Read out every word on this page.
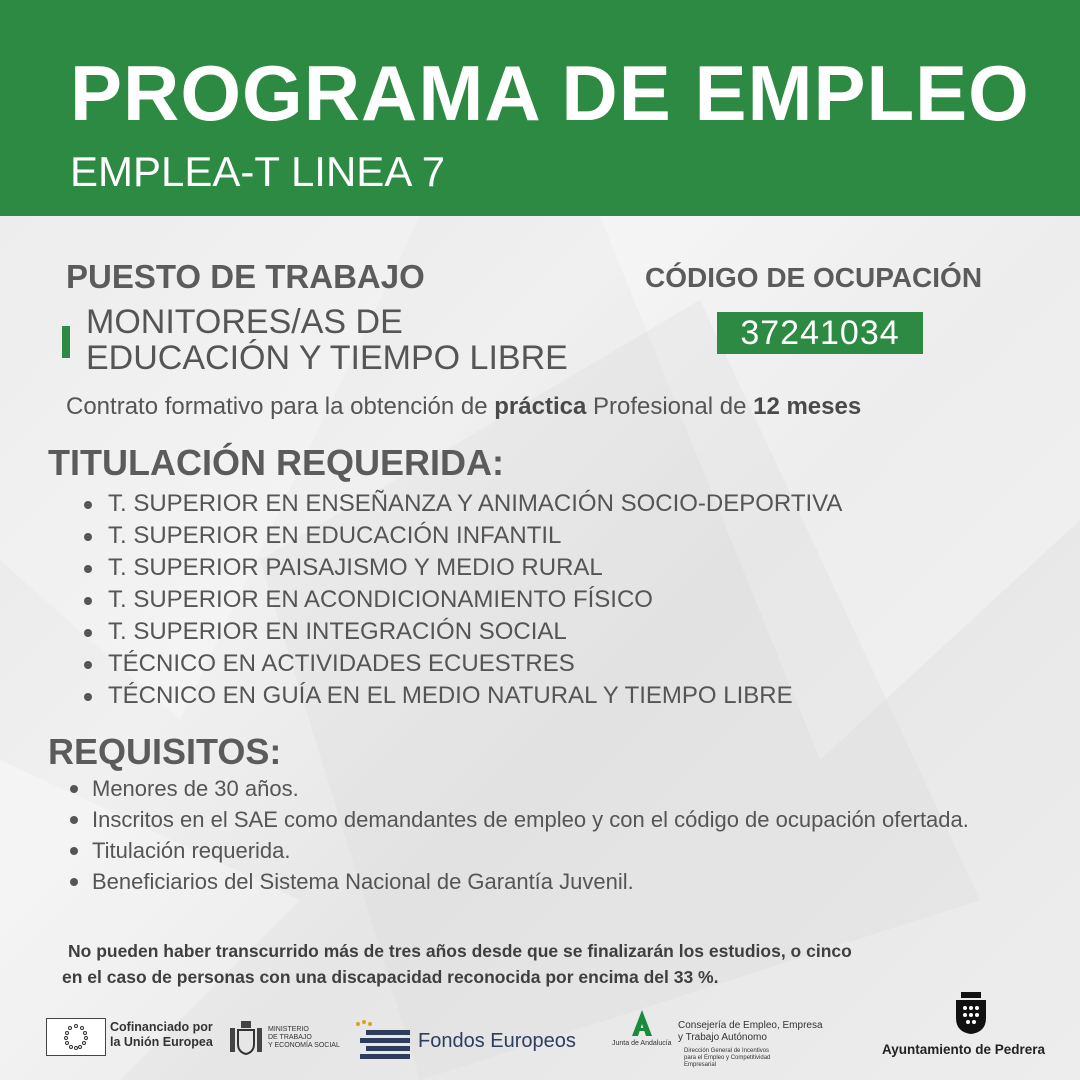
PROGRAMA DE EMPLEO
EMPLEA-T LINEA 7
PUESTO DE TRABAJO
MONITORES/AS DE
EDUCACIÓN Y TIEMPO LIBRE
CÓDIGO DE OCUPACIÓN
37241034
Contrato formativo para la obtención de práctica Profesional de 12 meses
TITULACIÓN REQUERIDA:
T. SUPERIOR EN ENSEÑANZA Y ANIMACIÓN SOCIO-DEPORTIVA
T. SUPERIOR EN EDUCACIÓN INFANTIL
T. SUPERIOR PAISAJISMO Y MEDIO RURAL
T. SUPERIOR EN ACONDICIONAMIENTO FÍSICO
T. SUPERIOR EN INTEGRACIÓN SOCIAL
TÉCNICO EN ACTIVIDADES ECUESTRES
TÉCNICO EN GUÍA EN EL MEDIO NATURAL Y TIEMPO LIBRE
REQUISITOS:
Menores de 30 años.
Inscritos en el SAE como demandantes de empleo y con el código de ocupación ofertada.
Titulación requerida.
Beneficiarios del Sistema Nacional de Garantía Juvenil.
No pueden haber transcurrido más de tres años desde que se finalizarán los estudios, o cinco
en el caso de personas con una discapacidad reconocida por encima del 33 %.
Cofinanciado por
la Unión Europea
MINISTERIO
DE TRABAJO
Y ECONOMÍA SOCIAL	Fondos Europeos	Junta de Andalucía
Consejería de Empleo, Empresa
y Trabajo Autónomo
Dirección General de Incentivos
para el Empleo y Competitividad
Empresarial
Ayuntamiento de Pedrera
